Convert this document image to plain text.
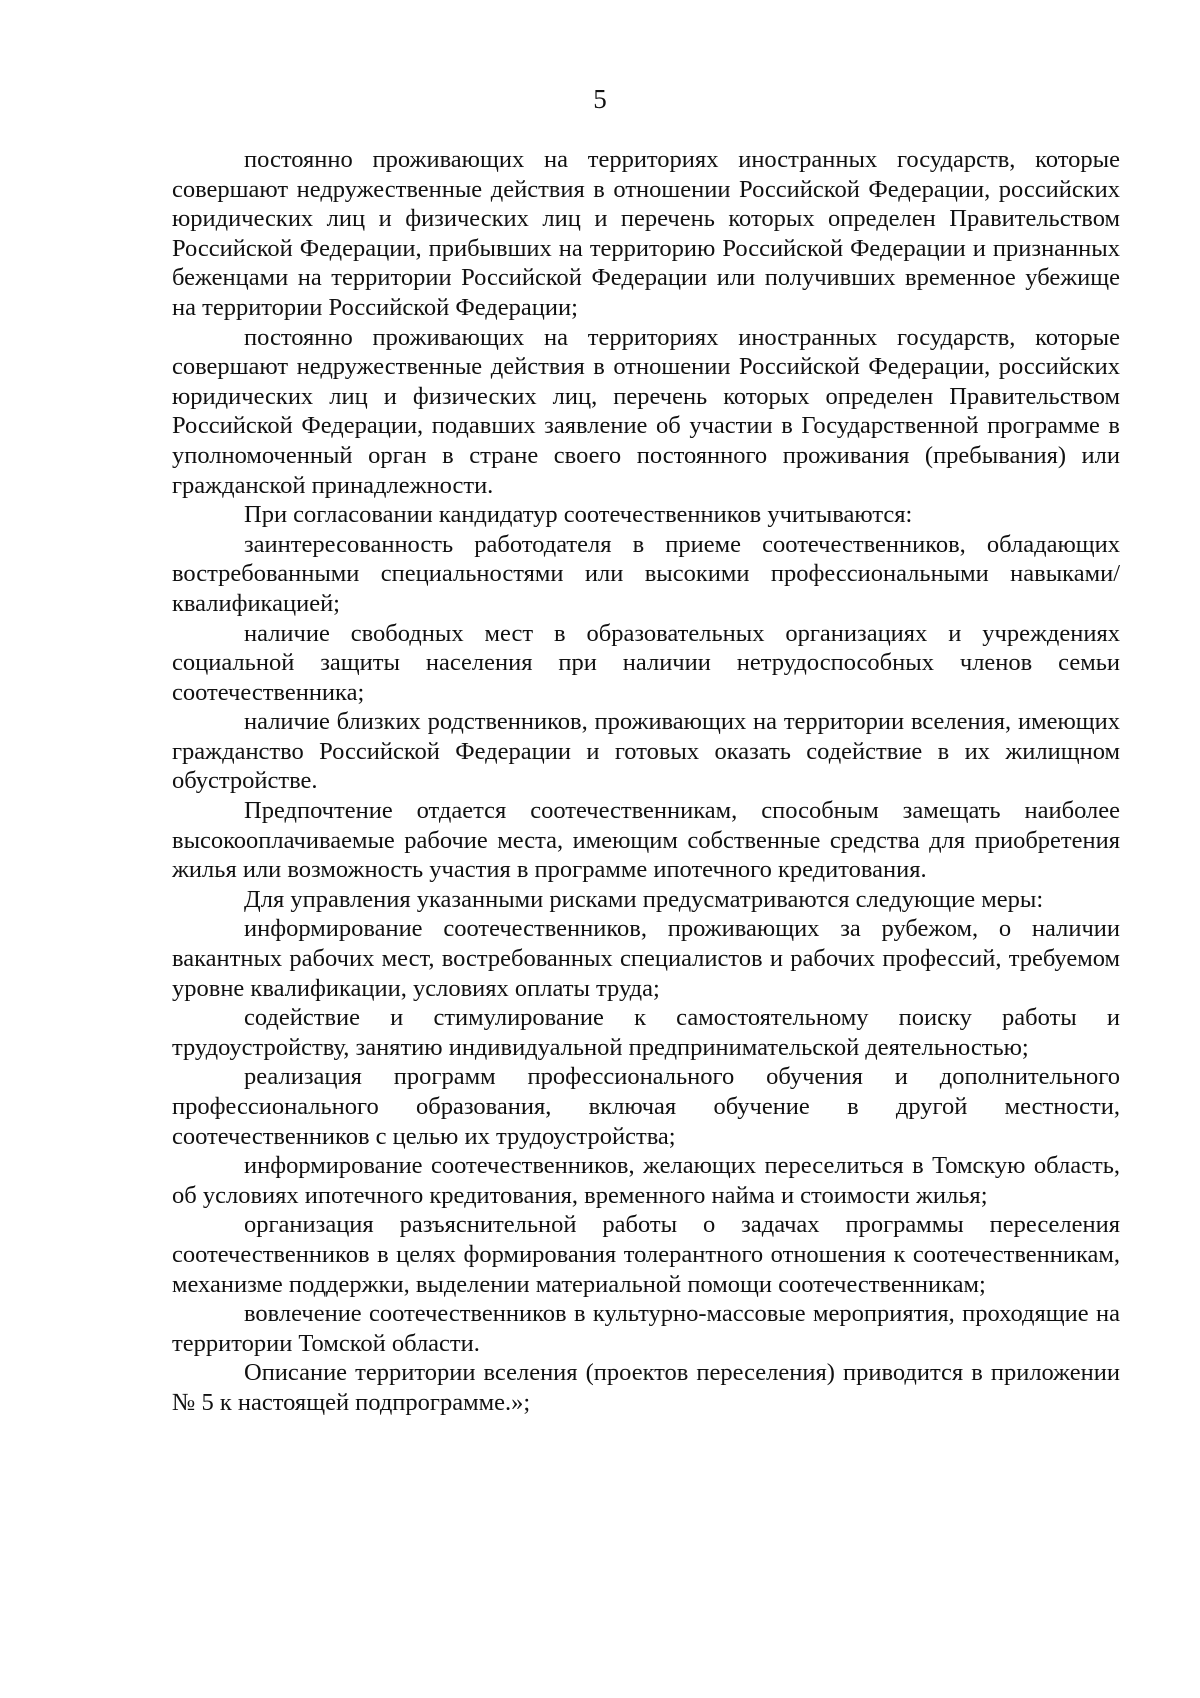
5

постоянно проживающих на территориях иностранных государств, которые совершают недружественные действия в отношении Российской Федерации, российских юридических лиц и физических лиц и перечень которых определен Правительством Российской Федерации, прибывших на территорию Российской Федерации и признанных беженцами на территории Российской Федерации или получивших временное убежище на территории Российской Федерации;

постоянно проживающих на территориях иностранных государств, которые совершают недружественные действия в отношении Российской Федерации, российских юридических лиц и физических лиц, перечень которых определен Правительством Российской Федерации, подавших заявление об участии в Государственной программе в уполномоченный орган в стране своего постоянного проживания (пребывания) или гражданской принадлежности.

При согласовании кандидатур соотечественников учитываются:

заинтересованность работодателя в приеме соотечественников, обладающих востребованными специальностями или высокими профессиональными навыками/квалификацией;

наличие свободных мест в образовательных организациях и учреждениях социальной защиты населения при наличии нетрудоспособных членов семьи соотечественника;

наличие близких родственников, проживающих на территории вселения, имеющих гражданство Российской Федерации и готовых оказать содействие в их жилищном обустройстве.

Предпочтение отдается соотечественникам, способным замещать наиболее высокооплачиваемые рабочие места, имеющим собственные средства для приобретения жилья или возможность участия в программе ипотечного кредитования.

Для управления указанными рисками предусматриваются следующие меры:

информирование соотечественников, проживающих за рубежом, о наличии вакантных рабочих мест, востребованных специалистов и рабочих профессий, требуемом уровне квалификации, условиях оплаты труда;

содействие и стимулирование к самостоятельному поиску работы и трудоустройству, занятию индивидуальной предпринимательской деятельностью;

реализация программ профессионального обучения и дополнительного профессионального образования, включая обучение в другой местности, соотечественников с целью их трудоустройства;

информирование соотечественников, желающих переселиться в Томскую область, об условиях ипотечного кредитования, временного найма и стоимости жилья;

организация разъяснительной работы о задачах программы переселения соотечественников в целях формирования толерантного отношения к соотечественникам, механизме поддержки, выделении материальной помощи соотечественникам;

вовлечение соотечественников в культурно-массовые мероприятия, проходящие на территории Томской области.

Описание территории вселения (проектов переселения) приводится в приложении № 5 к настоящей подпрограмме.»;
